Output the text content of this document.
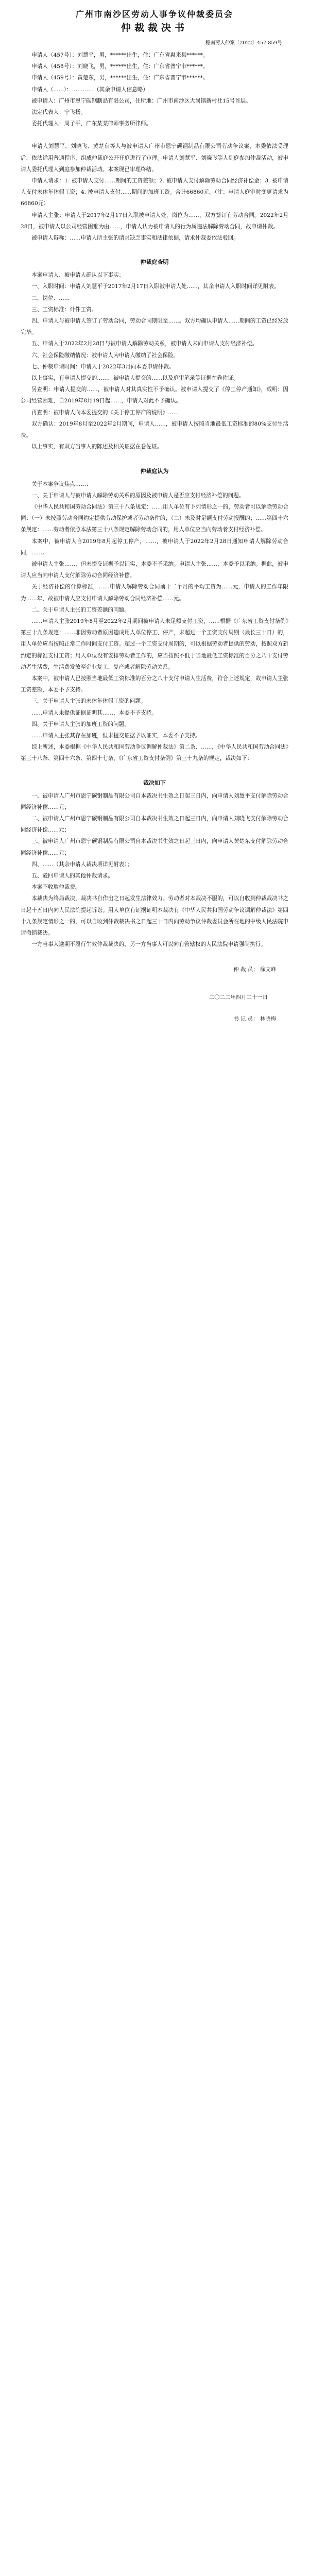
广州市南沙区劳动人事争议仲裁委员会
仲裁裁决书
穗南劳人仲案〔2022〕457-859号

申请人（457号）：刘慧平，男，******出生，住：广东省惠来县******。

申请人（458号）：刘晓飞，男，******出生，住：广东省普宁市******。

申请人（459号）：黄楚东，男，******出生，住：广东省普宁市******。

申请人（......）：…………（其余申请人信息略）

被申请人：广州市恩宁碳钢制品有限公司，住所地：广州市南沙区大岗镇新村社15号首层。

法定代表人：宁飞扬。

委托代理人：周子平，广东某某律师事务所律师。

申请人刘慧平、刘晓飞、黄楚东等人与被申请人广州市恩宁碳钢制品有限公司劳动争议案，本委依法受理后，依法适用普通程序，组成仲裁庭公开开庭进行了审理。申请人刘慧平、刘晓飞等人到庭参加仲裁活动，被申请人委托代理人到庭参加仲裁活动。本案现已审理终结。

申请人请求：1. 被申请人支付……期间的工资差额；2. 被申请人支付解除劳动合同经济补偿金；3. 被申请人支付未休年休假工资；4. 被申请人支付……期间的加班工资。合计66860元。（注：申请人庭审时变更请求为66860元）

申请人主张：申请人于2017年2月17日入职被申请人处，岗位为……，双方签订有劳动合同。2022年2月28日，被申请人以公司经营困难为由……，申请人认为被申请人的行为属违法解除劳动合同，故申请仲裁。

被申请人辩称：……申请人所主张的请求缺乏事实和法律依据，请求仲裁委依法驳回。

仲裁庭查明

本案申请人、被申请人确认以下事实：

一、入职时间：申请人刘慧平于2017年2月17日入职被申请人处……，其余申请人入职时间详见附表。

二、岗位：……

三、工资标准：计件工资。

四、申请人与被申请人签订了劳动合同，劳动合同期限至……。双方均确认申请人……期间的工资已经发放完毕。

五、申请人于2022年2月28日与被申请人解除劳动关系，被申请人未向申请人支付经济补偿。

六、社会保险缴纳情况：被申请人为申请人缴纳了社会保险。

七、仲裁申请时间：申请人于2022年3月向本委申请仲裁。

以上事实，有申请人提交的……、被申请人提交的……以及庭审笔录等证据在卷佐证。

另查明：申请人提交的……，被申请人对其真实性不予确认。被申请人提交了《停工停产通知》，载明：因公司经营困难，自2019年8月19日起……，申请人对此不予确认。

再查明：被申请人向本委提交的《关于停工停产的说明》……

双方确认：2019年8月至2022年2月期间，申请人……，被申请人按照当地最低工资标准的80%支付生活费。

以上事实，有双方当事人的陈述及相关证据在卷佐证。

仲裁庭认为

关于本案争议焦点……：

一、关于申请人与被申请人解除劳动关系的原因及被申请人是否应支付经济补偿的问题。

《中华人民共和国劳动合同法》第三十八条规定：……用人单位有下列情形之一的，劳动者可以解除劳动合同：（一）未按照劳动合同约定提供劳动保护或者劳动条件的；（二）未及时足额支付劳动报酬的；……第四十六条规定：……劳动者依照本法第三十八条规定解除劳动合同的，用人单位应当向劳动者支付经济补偿。

本案中，被申请人自2019年8月起停工停产，……，被申请人于2022年2月28日通知申请人解除劳动合同，……。

被申请人主张……，但未提交证据予以证实，本委不予采纳。申请人主张……，本委予以采纳。据此，被申请人应当向申请人支付解除劳动合同经济补偿。

关于经济补偿的计算标准，……申请人解除劳动合同前十二个月的平均工资为……元，申请人的工作年限为……年，故被申请人应支付申请人解除劳动合同经济补偿……元。

二、关于申请人主张的工资差额的问题。

……申请人主张2019年8月至2022年2月期间被申请人未足额支付工资，……根据《广东省工资支付条例》第三十九条规定：……非因劳动者原因造成用人单位停工、停产，未超过一个工资支付周期（最长三十日）的，用人单位应当按照正常工作时间支付工资。超过一个工资支付周期的，可以根据劳动者提供的劳动，按照双方新约定的标准支付工资；用人单位没有安排劳动者工作的，应当按照不低于当地最低工资标准的百分之八十支付劳动者生活费，生活费发放至企业复工、复产或者解除劳动关系。

本案中，被申请人已按照当地最低工资标准的百分之八十支付申请人生活费，符合上述规定，故申请人主张工资差额，本委不予支持。

三、关于申请人主张的未休年休假工资的问题。

……申请人未提供证据证明其……，本委不予支持。

四、关于申请人主张的加班工资的问题。

……申请人主张其存在加班，但未提交证据予以证实，本委不予支持。

综上所述，本委根据《中华人民共和国劳动争议调解仲裁法》第二条、……，《中华人民共和国劳动合同法》第三十八条、第四十六条、第四十七条，《广东省工资支付条例》第三十九条的规定，裁决如下：

裁决如下

一、被申请人广州市恩宁碳钢制品有限公司自本裁决书生效之日起三日内，向申请人刘慧平支付解除劳动合同经济补偿……元；

二、被申请人广州市恩宁碳钢制品有限公司自本裁决书生效之日起三日内，向申请人刘晓飞支付解除劳动合同经济补偿……元；

三、被申请人广州市恩宁碳钢制品有限公司自本裁决书生效之日起三日内，向申请人黄楚东支付解除劳动合同经济补偿……元；

四、……（其余申请人裁决项详见附表）；

五、驳回申请人的其他仲裁请求。

本案不收取仲裁费。

本裁决为终局裁决，裁决书自作出之日起发生法律效力。劳动者对本裁决不服的，可以自收到仲裁裁决书之日起十五日内向人民法院提起诉讼。用人单位有证据证明本裁决有《中华人民共和国劳动争议调解仲裁法》第四十九条规定情形之一的，可以自收到仲裁裁决书之日起三十日内向劳动争议仲裁委员会所在地的中级人民法院申请撤销裁决。

一方当事人逾期不履行生效仲裁裁决的，另一方当事人可以向有管辖权的人民法院申请强制执行。

仲 裁 员： 徐文峰
二〇二二年四月二十一日
书 记 员： 林晓梅
